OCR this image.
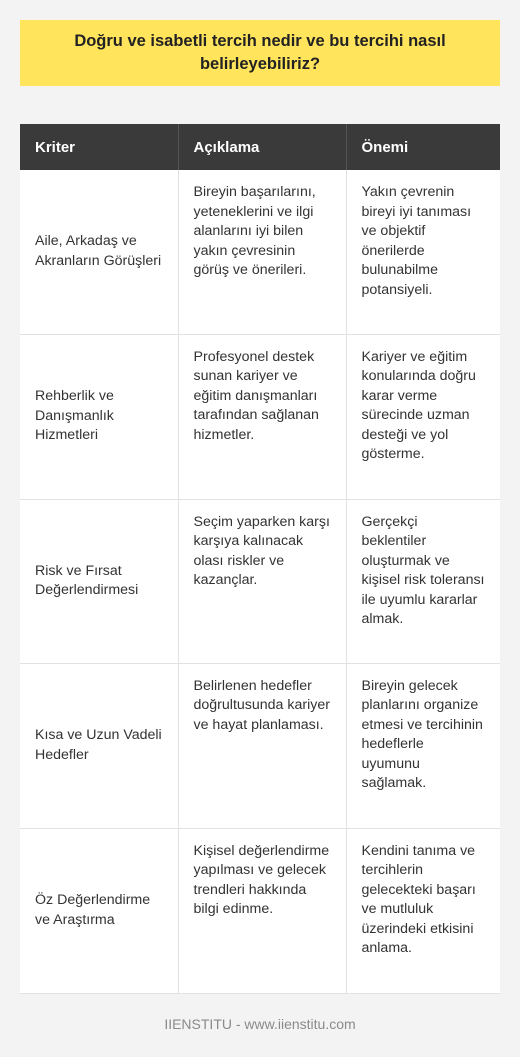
Doğru ve isabetli tercih nedir ve bu tercihi nasıl belirleyebiliriz?
Kriter	Açıklama	Önemi
Aile, Arkadaş ve Akranların Görüşleri	Bireyin başarılarını, yeteneklerini ve ilgi alanlarını iyi bilen yakın çevresinin görüş ve önerileri.	Yakın çevrenin bireyi iyi tanıması ve objektif önerilerde bulunabilme potansiyeli.
Rehberlik ve Danışmanlık Hizmetleri	Profesyonel destek sunan kariyer ve eğitim danışmanları tarafından sağlanan hizmetler.	Kariyer ve eğitim konularında doğru karar verme sürecinde uzman desteği ve yol gösterme.
Risk ve Fırsat Değerlendirmesi	Seçim yaparken karşı karşıya kalınacak olası riskler ve kazançlar.	Gerçekçi beklentiler oluşturmak ve kişisel risk toleransı ile uyumlu kararlar almak.
Kısa ve Uzun Vadeli Hedefler	Belirlenen hedefler doğrultusunda kariyer ve hayat planlaması.	Bireyin gelecek planlarını organize etmesi ve tercihinin hedeflerle uyumunu sağlamak.
Öz Değerlendirme ve Araştırma	Kişisel değerlendirme yapılması ve gelecek trendleri hakkında bilgi edinme.	Kendini tanıma ve tercihlerin gelecekteki başarı ve mutluluk üzerindeki etkisini anlama.
IIENSTITU - www.iienstitu.com
